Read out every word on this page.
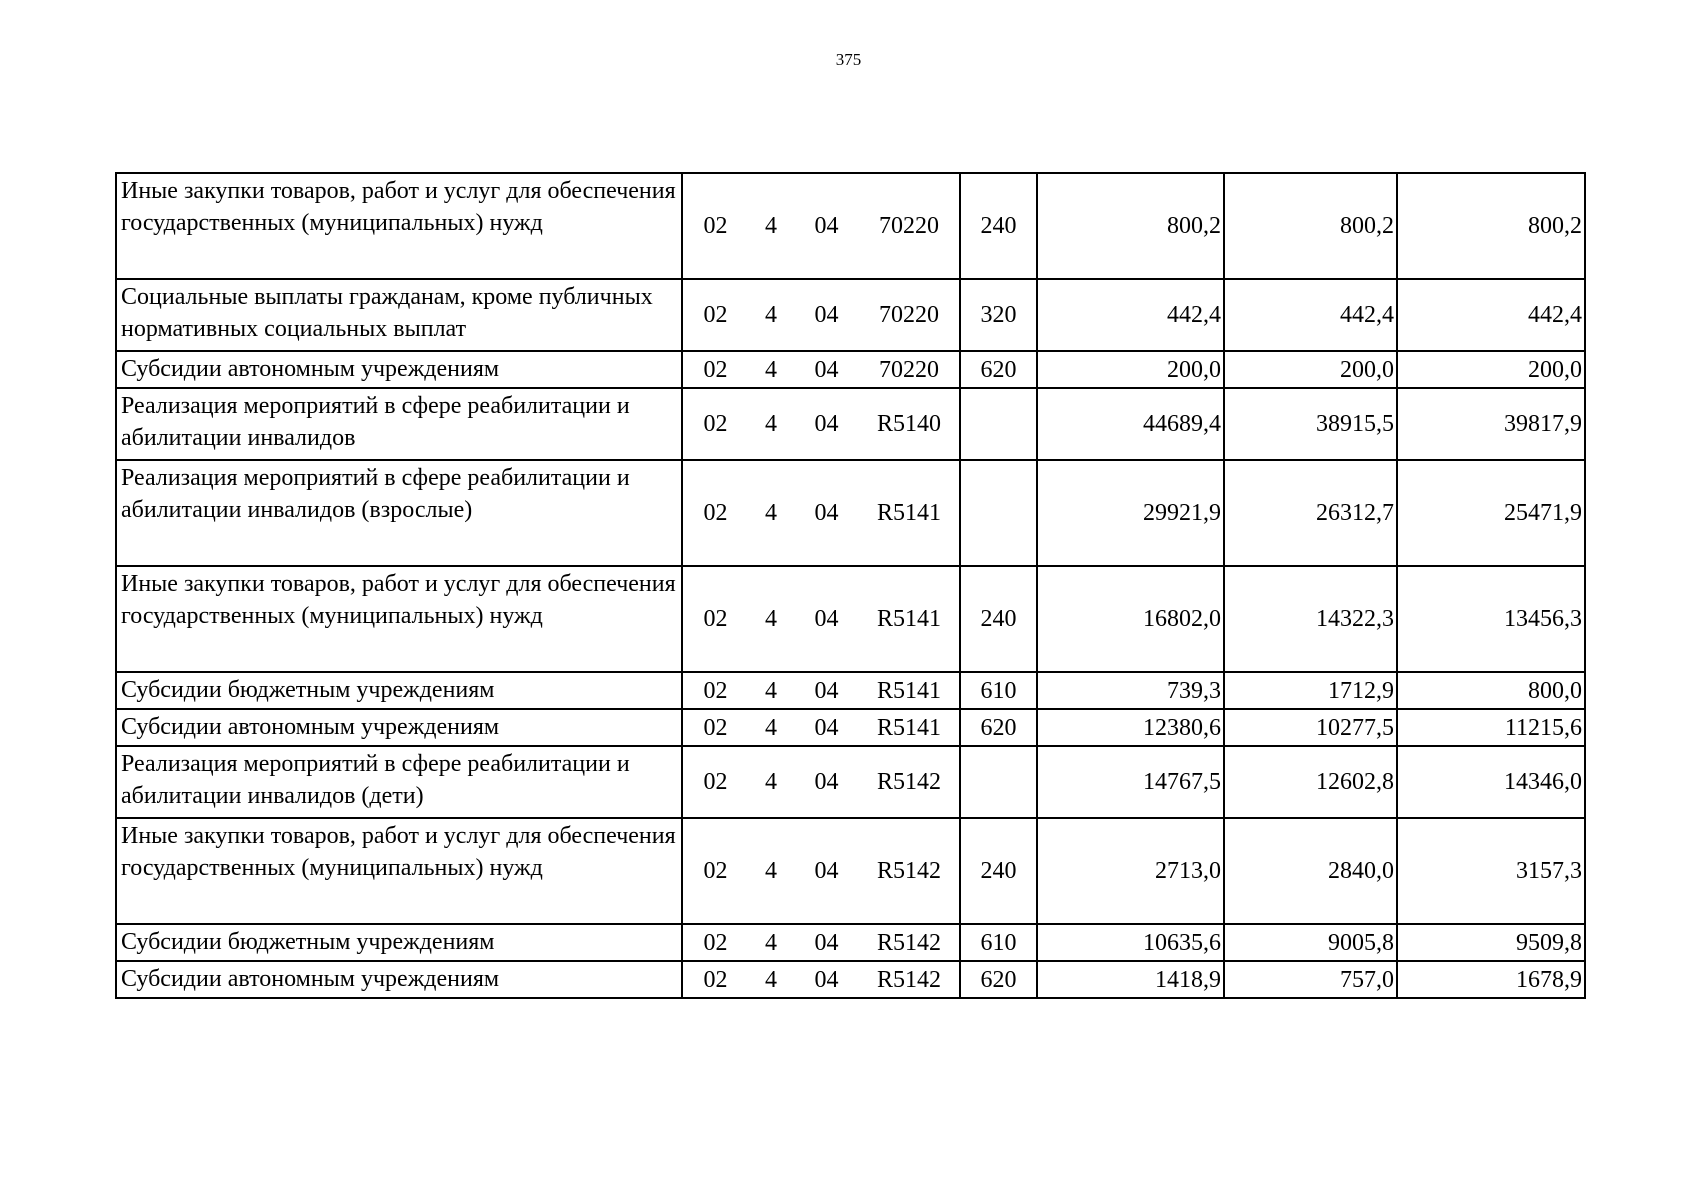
375
Иные закупки товаров, работ и услуг для обеспечения государственных (муниципальных) нужд	02 4 04 70220	240	800,2	800,2	800,2
Социальные выплаты гражданам, кроме публичных нормативных социальных выплат	02 4 04 70220	320	442,4	442,4	442,4
Субсидии автономным учреждениям	02 4 04 70220	620	200,0	200,0	200,0
Реализация мероприятий в сфере реабилитации и абилитации инвалидов	02 4 04 R5140		44689,4	38915,5	39817,9
Реализация мероприятий в сфере реабилитации и абилитации инвалидов (взрослые)	02 4 04 R5141		29921,9	26312,7	25471,9
Иные закупки товаров, работ и услуг для обеспечения государственных (муниципальных) нужд	02 4 04 R5141	240	16802,0	14322,3	13456,3
Субсидии бюджетным учреждениям	02 4 04 R5141	610	739,3	1712,9	800,0
Субсидии автономным учреждениям	02 4 04 R5141	620	12380,6	10277,5	11215,6
Реализация мероприятий в сфере реабилитации и абилитации инвалидов (дети)	02 4 04 R5142		14767,5	12602,8	14346,0
Иные закупки товаров, работ и услуг для обеспечения государственных (муниципальных) нужд	02 4 04 R5142	240	2713,0	2840,0	3157,3
Субсидии бюджетным учреждениям	02 4 04 R5142	610	10635,6	9005,8	9509,8
Субсидии автономным учреждениям	02 4 04 R5142	620	1418,9	757,0	1678,9
